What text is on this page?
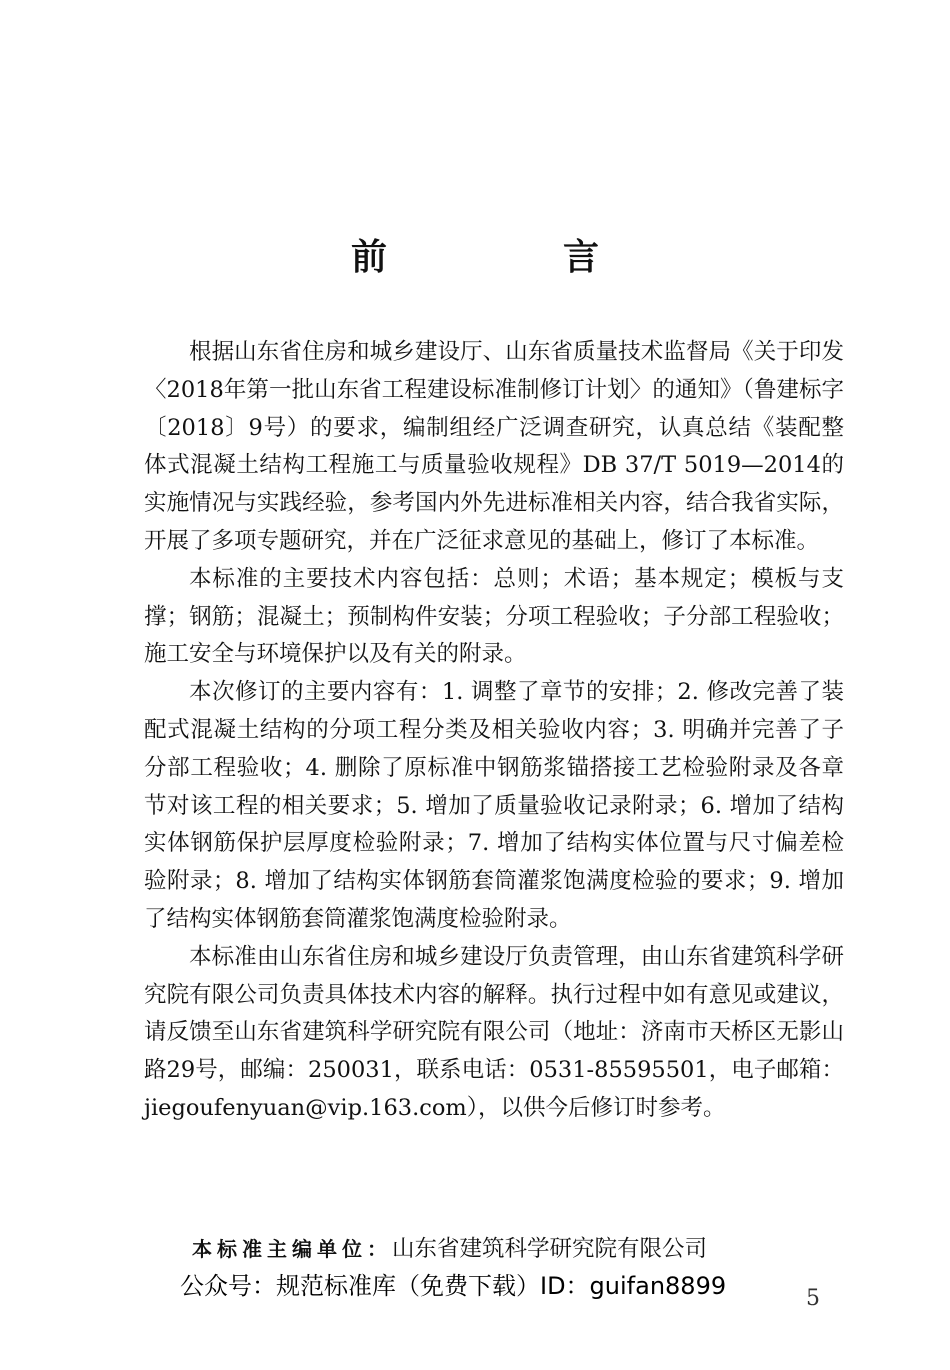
前　言

根据山东省住房和城乡建设厅、山东省质量技术监督局《关于印发〈2018年第一批山东省工程建设标准制修订计划〉的通知》（鲁建标字〔2018〕9号）的要求，编制组经广泛调查研究，认真总结《装配整体式混凝土结构工程施工与质量验收规程》DB 37/T 5019—2014的实施情况与实践经验，参考国内外先进标准相关内容，结合我省实际，开展了多项专题研究，并在广泛征求意见的基础上，修订了本标准。

本标准的主要技术内容包括：总则；术语；基本规定；模板与支撑；钢筋；混凝土；预制构件安装；分项工程验收；子分部工程验收；施工安全与环境保护以及有关的附录。

本次修订的主要内容有：1. 调整了章节的安排；2. 修改完善了装配式混凝土结构的分项工程分类及相关验收内容；3. 明确并完善了子分部工程验收；4. 删除了原标准中钢筋浆锚搭接工艺检验附录及各章节对该工程的相关要求；5. 增加了质量验收记录附录；6. 增加了结构实体钢筋保护层厚度检验附录；7. 增加了结构实体位置与尺寸偏差检验附录；8. 增加了结构实体钢筋套筒灌浆饱满度检验的要求；9. 增加了结构实体钢筋套筒灌浆饱满度检验附录。

本标准由山东省住房和城乡建设厅负责管理，由山东省建筑科学研究院有限公司负责具体技术内容的解释。执行过程中如有意见或建议，请反馈至山东省建筑科学研究院有限公司（地址：济南市天桥区无影山路29号，邮编：250031，联系电话：0531-85595501，电子邮箱：jiegoufenyuan@vip.163.com），以供今后修订时参考。

本标准主编单位：山东省建筑科学研究院有限公司
公众号：规范标准库（免费下载）ID：guifan8899	5
